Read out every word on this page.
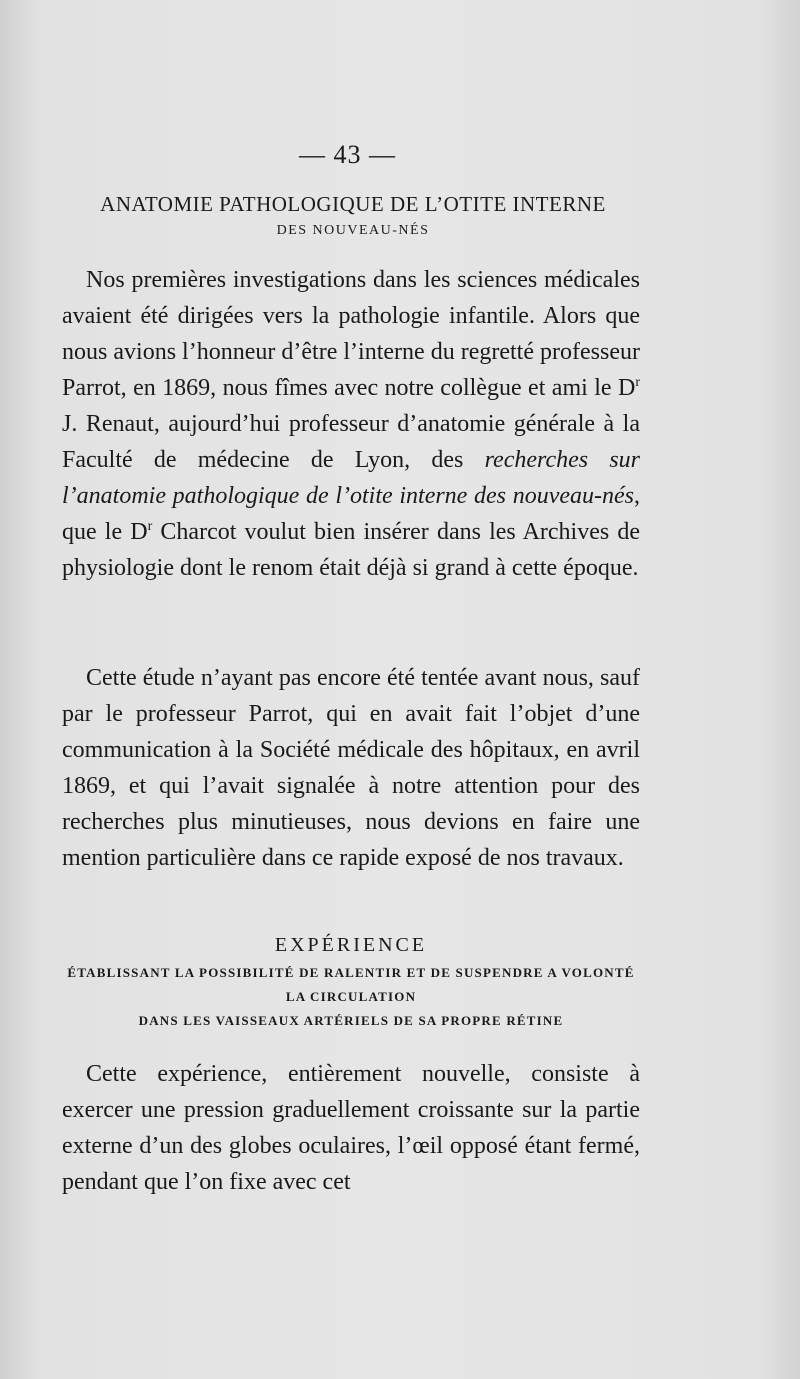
— 43 —
ANATOMIE PATHOLOGIQUE DE L’OTITE INTERNE
DES NOUVEAU-NÉS

Nos premières investigations dans les sciences médicales avaient été dirigées vers la pathologie infantile. Alors que nous avions l’honneur d’être l’interne du regretté professeur Parrot, en 1869, nous fîmes avec notre collègue et ami le $D^r$ J. Renaut, aujourd’hui professeur d’anatomie générale à la Faculté de médecine de Lyon, des recherches sur l’anatomie pathologique de l’otite interne des nouveau-nés, que le $D^r$ Charcot voulut bien insérer dans les Archives de physiologie dont le renom était déjà si grand à cette époque.

Cette étude n’ayant pas encore été tentée avant nous, sauf par le professeur Parrot, qui en avait fait l’objet d’une communication à la Société médicale des hôpitaux, en avril 1869, et qui l’avait signalée à notre attention pour des recherches plus minutieuses, nous devions en faire une mention particulière dans ce rapide exposé de nos travaux.

EXPÉRIENCE
ÉTABLISSANT LA POSSIBILITÉ DE RALENTIR ET DE SUSPENDRE A VOLONTÉ
LA CIRCULATION
DANS LES VAISSEAUX ARTÉRIELS DE SA PROPRE RÉTINE

Cette expérience, entièrement nouvelle, consiste à exercer une pression graduellement croissante sur la partie externe d’un des globes oculaires, l’œil opposé étant fermé, pendant que l’on fixe avec cet
